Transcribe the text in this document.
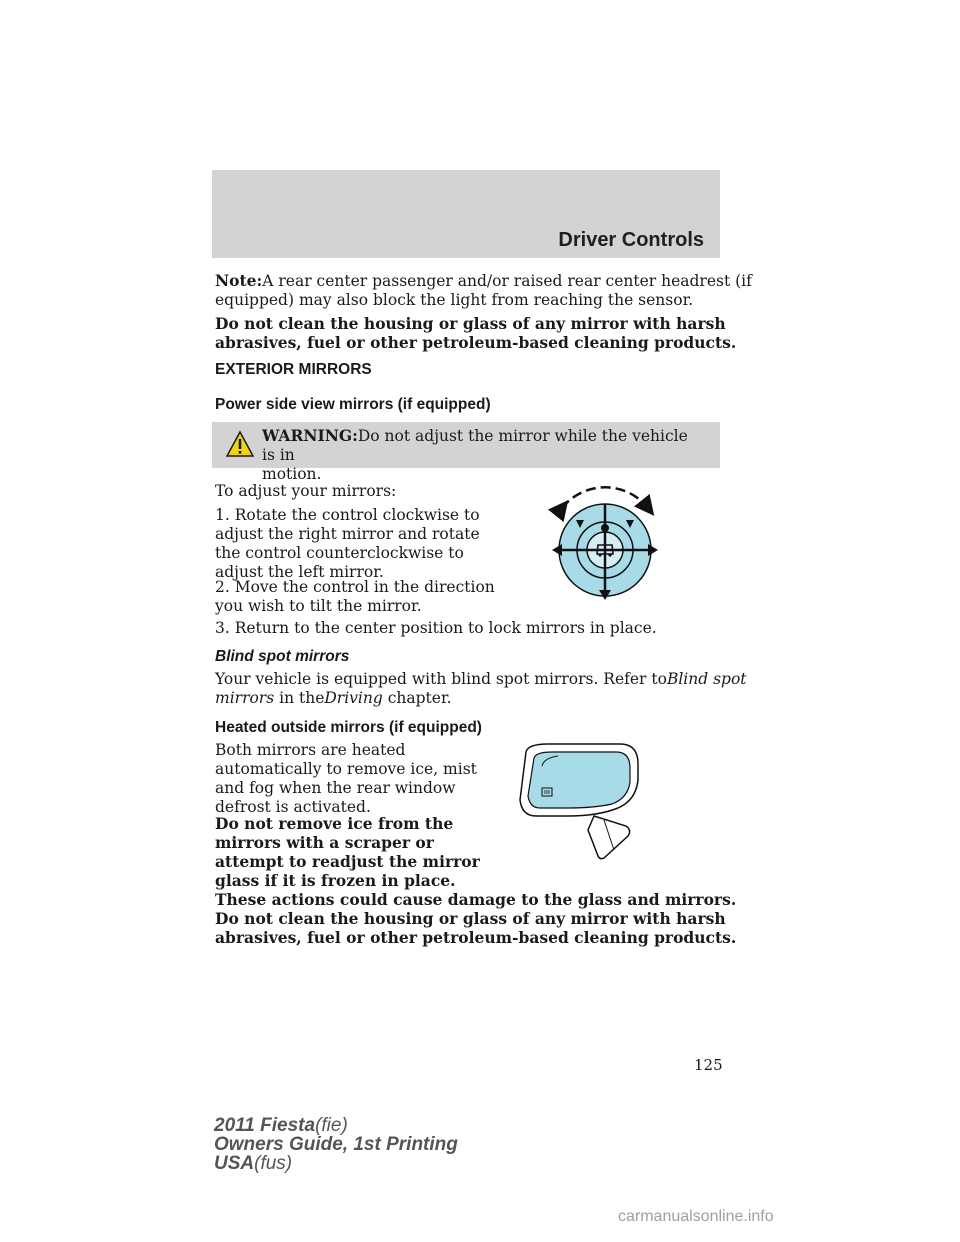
Driver Controls
Note:A rear center passenger and/or raised rear center headrest (if
equipped) may also block the light from reaching the sensor.
Do not clean the housing or glass of any mirror with harsh
abrasives, fuel or other petroleum-based cleaning products.
EXTERIOR MIRRORS
Power side view mirrors (if equipped)
WARNING:Do not adjust the mirror while the vehicle is in
motion.
To adjust your mirrors:
1. Rotate the control clockwise to
adjust the right mirror and rotate
the control counterclockwise to
adjust the left mirror.
2. Move the control in the direction
you wish to tilt the mirror.
3. Return to the center position to lock mirrors in place.
Blind spot mirrors
Your vehicle is equipped with blind spot mirrors. Refer toBlind spot
mirrors in theDriving chapter.
Heated outside mirrors (if equipped)
Both mirrors are heated
automatically to remove ice, mist
and fog when the rear window
defrost is activated.
Do not remove ice from the
mirrors with a scraper or
attempt to readjust the mirror
glass if it is frozen in place.
These actions could cause damage to the glass and mirrors.
Do not clean the housing or glass of any mirror with harsh
abrasives, fuel or other petroleum-based cleaning products.
125
2011 Fiesta(fie)
Owners Guide, 1st Printing
USA(fus)
carmanualsonline.info
